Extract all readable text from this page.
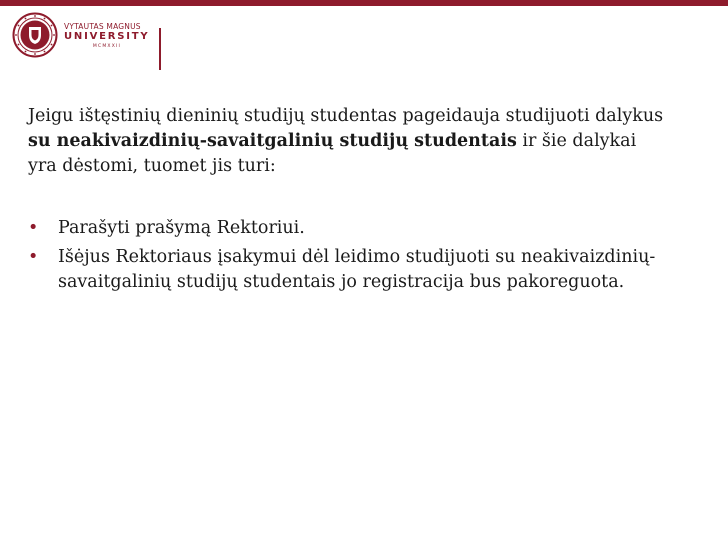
VYTAUTAS MAGNUS
UNIVERSITY
MCMXXII

Jeigu ištęstinių dieninių studijų studentas pageidauja studijuoti dalykus su neakivaizdinių-savaitgalinių studijų studentais ir šie dalykai yra dėstomi, tuomet jis turi:

• Parašyti prašymą Rektoriui.
• Išėjus Rektoriaus įsakymui dėl leidimo studijuoti su neakivaizdinių-savaitgalinių studijų studentais jo registracija bus pakoreguota.
